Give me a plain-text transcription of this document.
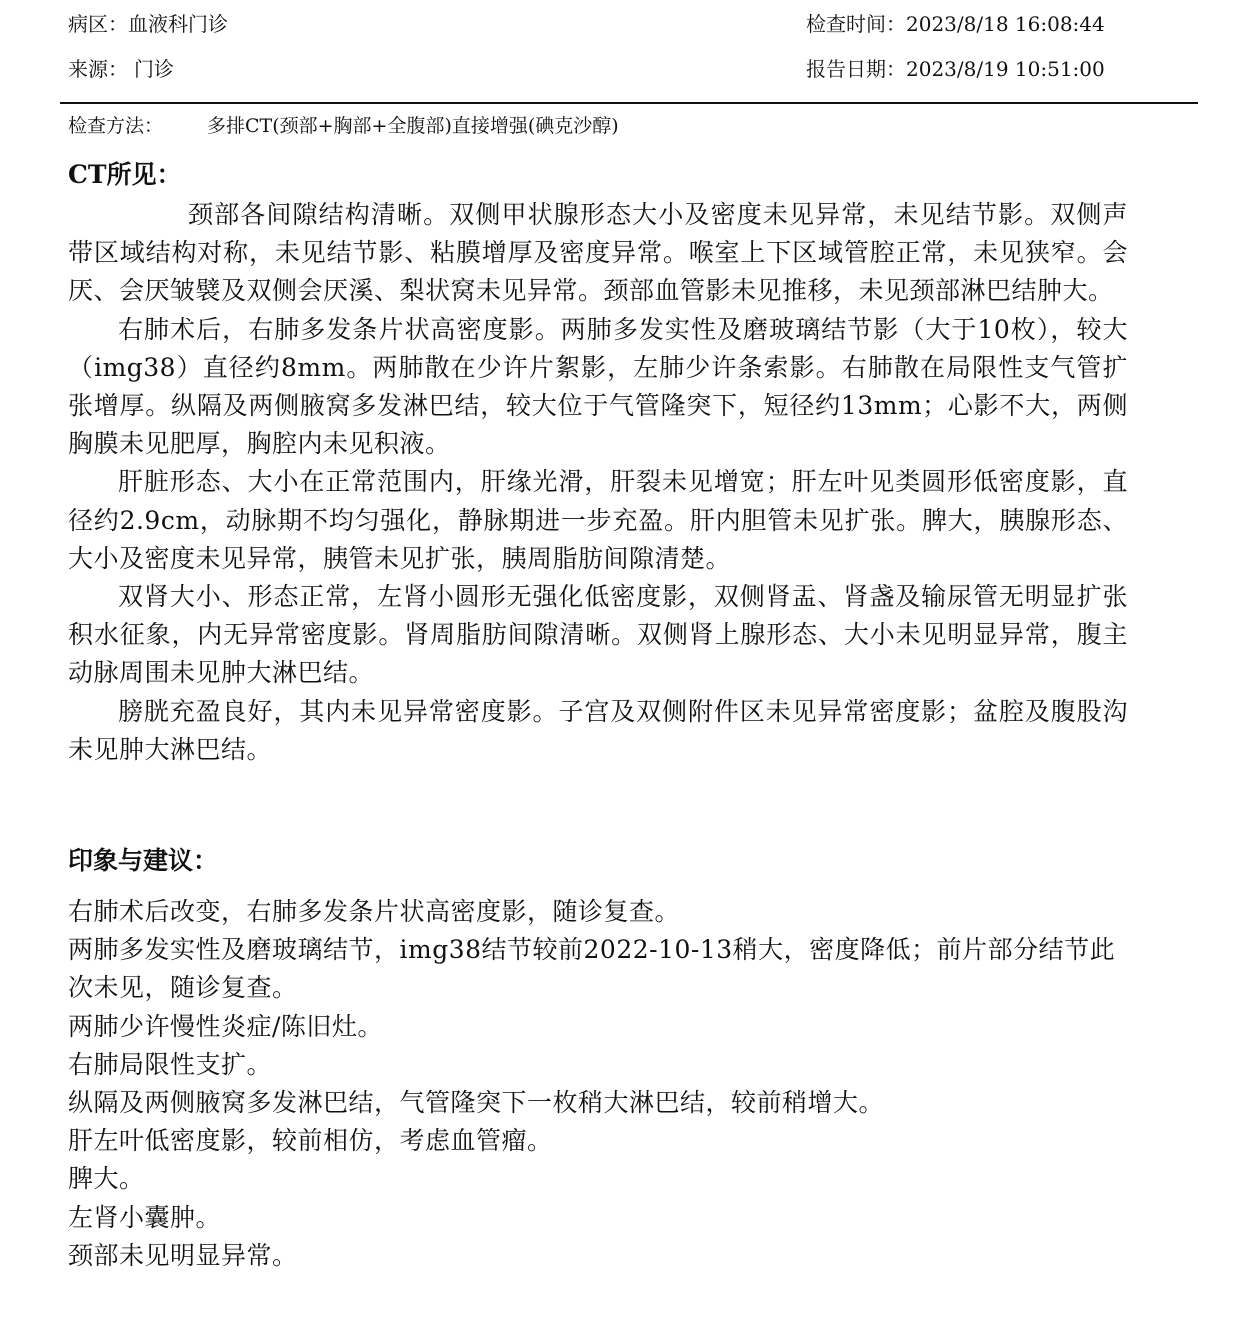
病区：血液科门诊
来源： 门诊
检查时间：2023/8/18 16:08:44
报告日期：2023/8/19 10:51:00
检查方法： 多排CT(颈部+胸部+全腹部)直接增强(碘克沙醇)
CT所见：

颈部各间隙结构清晰。双侧甲状腺形态大小及密度未见异常，未见结节影。双侧声带区域结构对称，未见结节影、粘膜增厚及密度异常。喉室上下区域管腔正常，未见狭窄。会厌、会厌皱襞及双侧会厌溪、梨状窝未见异常。颈部血管影未见推移，未见颈部淋巴结肿大。

右肺术后，右肺多发条片状高密度影。两肺多发实性及磨玻璃结节影（大于10枚），较大（img38）直径约8mm。两肺散在少许片絮影，左肺少许条索影。右肺散在局限性支气管扩张增厚。纵隔及两侧腋窝多发淋巴结，较大位于气管隆突下，短径约13mm；心影不大，两侧胸膜未见肥厚，胸腔内未见积液。

肝脏形态、大小在正常范围内，肝缘光滑，肝裂未见增宽；肝左叶见类圆形低密度影，直径约2.9cm，动脉期不均匀强化，静脉期进一步充盈。肝内胆管未见扩张。脾大，胰腺形态、大小及密度未见异常，胰管未见扩张，胰周脂肪间隙清楚。

双肾大小、形态正常，左肾小圆形无强化低密度影，双侧肾盂、肾盏及输尿管无明显扩张积水征象，内无异常密度影。肾周脂肪间隙清晰。双侧肾上腺形态、大小未见明显异常，腹主动脉周围未见肿大淋巴结。

膀胱充盈良好，其内未见异常密度影。子宫及双侧附件区未见异常密度影；盆腔及腹股沟未见肿大淋巴结。

印象与建议：
右肺术后改变，右肺多发条片状高密度影，随诊复查。
两肺多发实性及磨玻璃结节，img38结节较前2022-10-13稍大，密度降低；前片部分结节此次未见，随诊复查。
两肺少许慢性炎症/陈旧灶。
右肺局限性支扩。
纵隔及两侧腋窝多发淋巴结，气管隆突下一枚稍大淋巴结，较前稍增大。
肝左叶低密度影，较前相仿，考虑血管瘤。
脾大。
左肾小囊肿。
颈部未见明显异常。
